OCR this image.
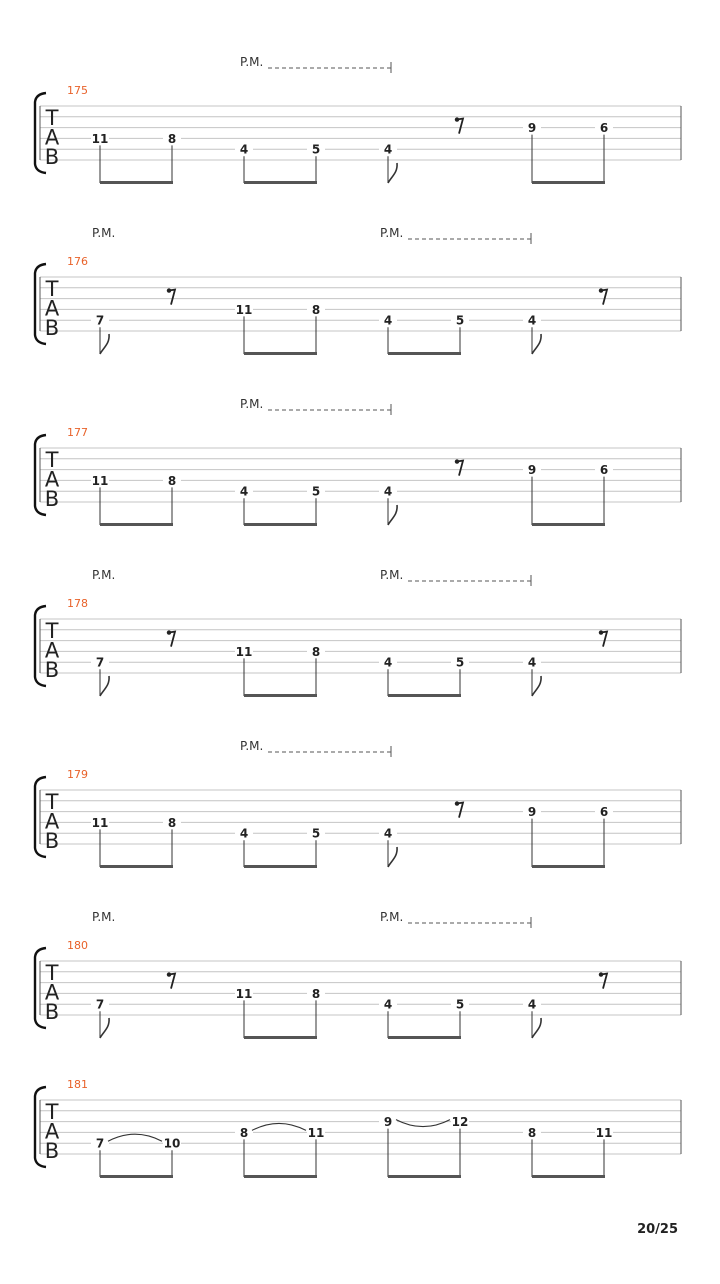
T
A
B
175
P.M.
11	8
4	5	4
9	6
T
A
B
176
P.M.	P.M.
7
11	8
4	5	4
T
A
B
177
P.M.
11	8
4	5	4
9	6
T
A
B
178
P.M.	P.M.
7
11	8
4	5	4
T
A
B
179
P.M.
11	8
4	5	4
9	6
T
A
B
180
P.M.	P.M.
7
11	8
4	5	4
T
A
B
181
7	10
8	11
9	12
8	11
20/25
